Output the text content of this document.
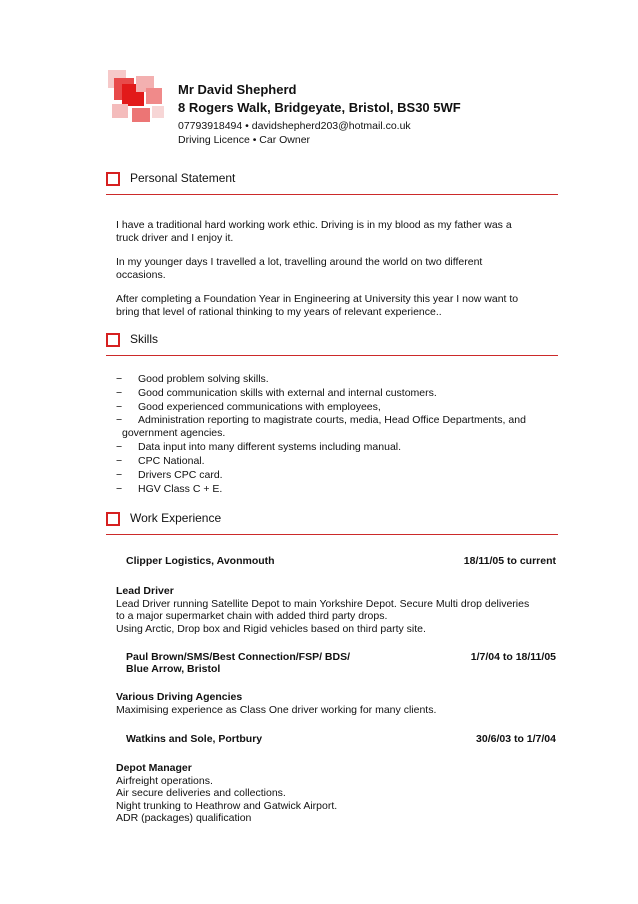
Mr David Shepherd
8 Rogers Walk, Bridgeyate, Bristol, BS30 5WF
07793918494 • davidshepherd203@hotmail.co.uk
Driving Licence • Car Owner
Personal Statement
I have a traditional hard working work ethic. Driving is in my blood as my father was a
truck driver and I enjoy it.
In my younger days I travelled a lot, travelling around the world on two different
occasions.
After completing a Foundation Year in Engineering at University this year I now want to
bring that level of rational thinking to my years of relevant experience..
Skills
− Good problem solving skills.
− Good communication skills with external and internal customers.
− Good experienced communications with employees,
− Administration reporting to magistrate courts, media, Head Office Departments, and
government agencies.
− Data input into many different systems including manual.
− CPC National.
− Drivers CPC card.
− HGV Class C + E.
Work Experience
Clipper Logistics, Avonmouth	18/11/05 to current
Lead Driver
Lead Driver running Satellite Depot to main Yorkshire Depot. Secure Multi drop deliveries
to a major supermarket chain with added third party drops.
Using Arctic, Drop box and Rigid vehicles based on third party site.
Paul Brown/SMS/Best Connection/FSP/ BDS/
Blue Arrow, Bristol
1/7/04 to 18/11/05
Various Driving Agencies
Maximising experience as Class One driver working for many clients.
Watkins and Sole, Portbury	30/6/03 to 1/7/04
Depot Manager
Airfreight operations.
Air secure deliveries and collections.
Night trunking to Heathrow and Gatwick Airport.
ADR (packages) qualification
